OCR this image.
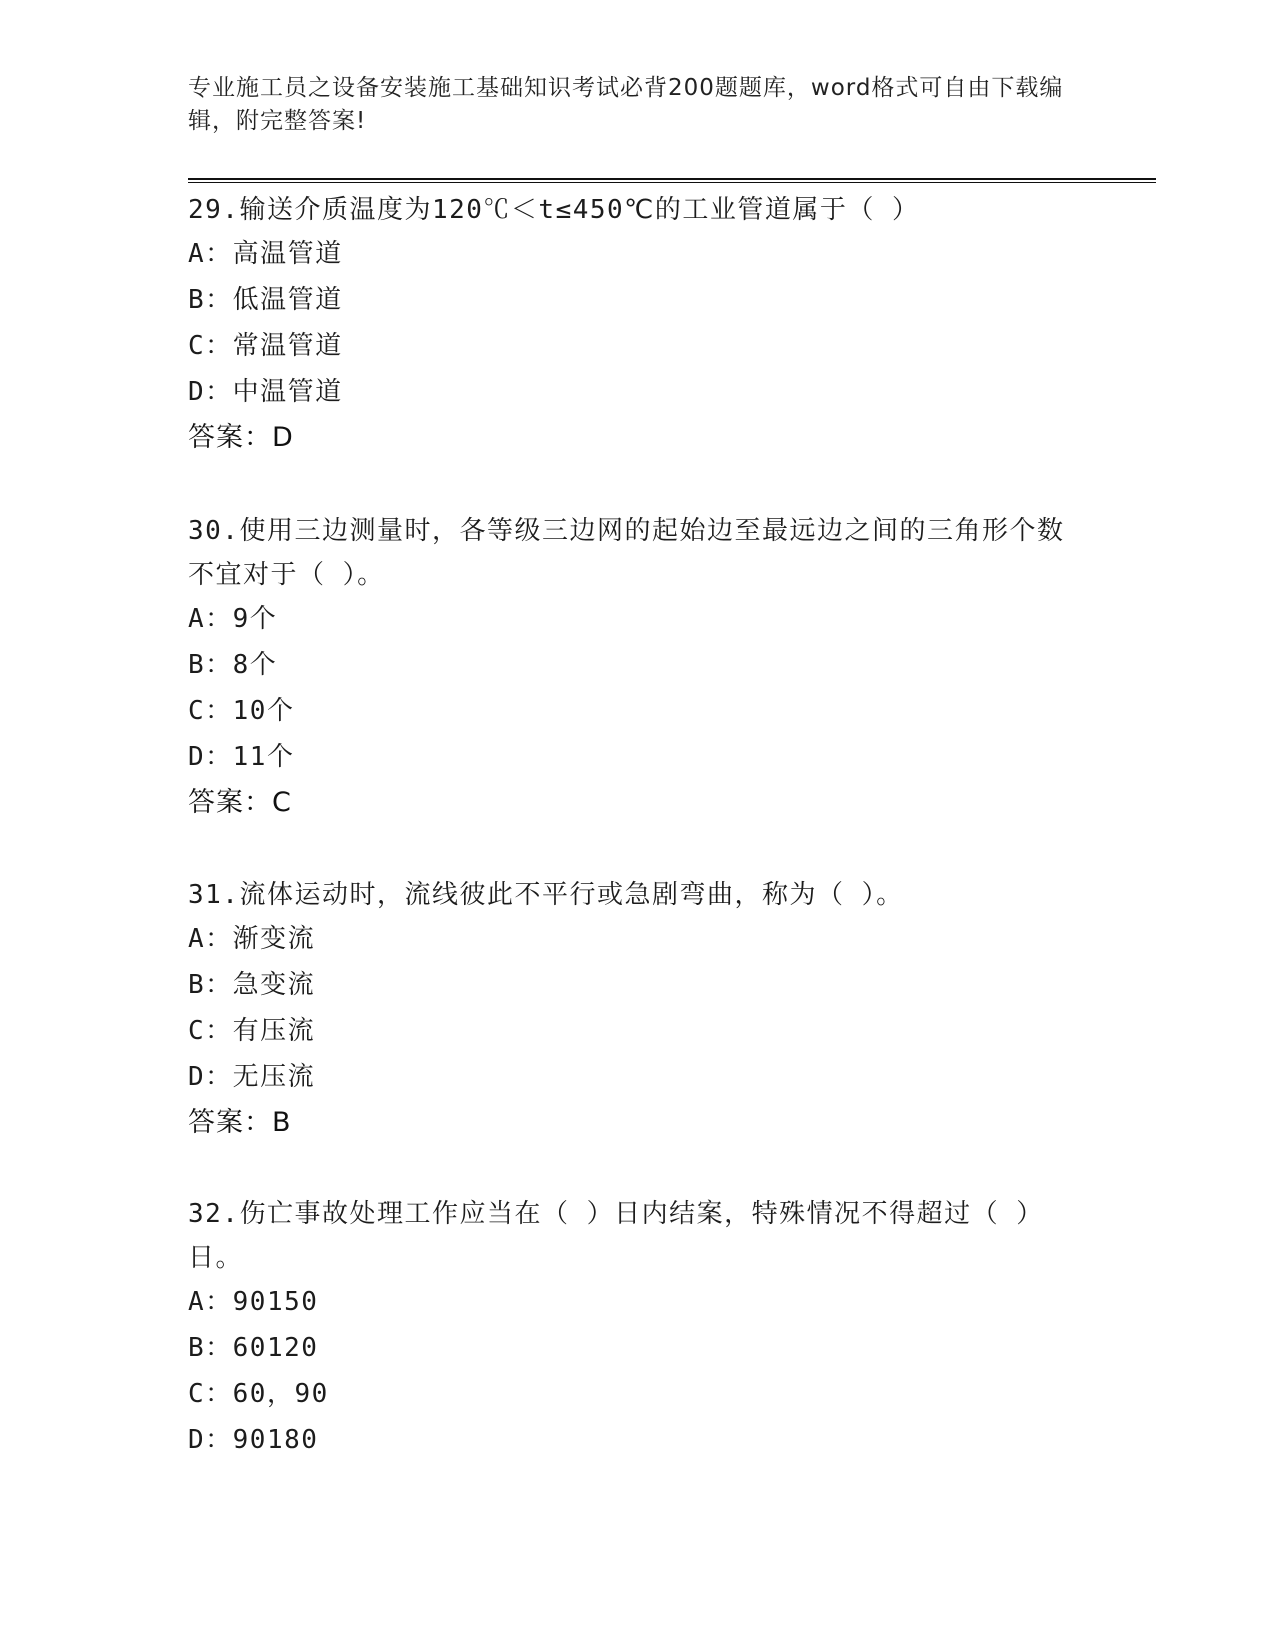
专业施工员之设备安装施工基础知识考试必背200题题库，word格式可自由下载编辑，附完整答案!

29.输送介质温度为120℃＜t≤450℃的工业管道属于（ ）

A：高温管道

B：低温管道

C：常温管道

D：中温管道

答案：D

30.使用三边测量时，各等级三边网的起始边至最远边之间的三角形个数不宜对于（ ）。

A：9个

B：8个

C：10个

D：11个

答案：C

31.流体运动时，流线彼此不平行或急剧弯曲，称为（ ）。

A：渐变流

B：急变流

C：有压流

D：无压流

答案：B

32.伤亡事故处理工作应当在（ ）日内结案，特殊情况不得超过（ ）日。

A：90150

B：60120

C：60，90

D：90180
